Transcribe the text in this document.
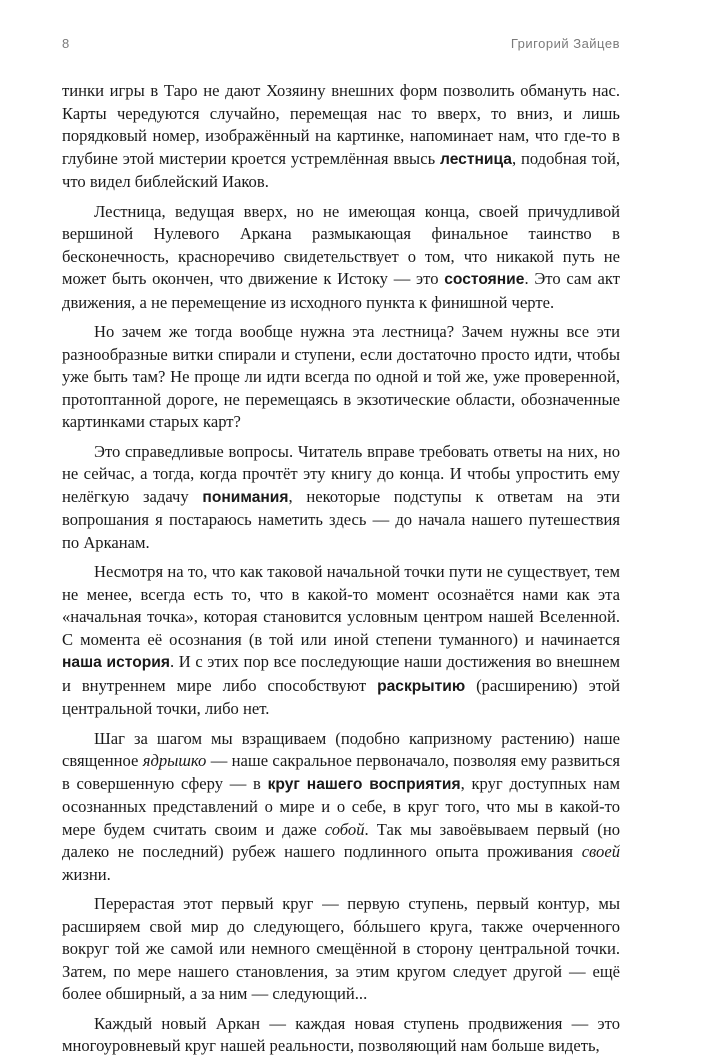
8	Григорий Зайцев

тинки игры в Таро не дают Хозяину внешних форм позволить обмануть нас. Карты чередуются случайно, перемещая нас то вверх, то вниз, и лишь порядковый номер, изображённый на картинке, напоминает нам, что где-то в глубине этой мистерии кроется устремлённая ввысь лестница, подобная той, что видел библейский Иаков.

Лестница, ведущая вверх, но не имеющая конца, своей причудливой вершиной Нулевого Аркана размыкающая финальное таинство в бесконечность, красноречиво свидетельствует о том, что никакой путь не может быть окончен, что движение к Истоку — это состояние. Это сам акт движения, а не перемещение из исходного пункта к финишной черте.

Но зачем же тогда вообще нужна эта лестница? Зачем нужны все эти разнообразные витки спирали и ступени, если достаточно просто идти, чтобы уже быть там? Не проще ли идти всегда по одной и той же, уже проверенной, протоптанной дороге, не перемещаясь в экзотические области, обозначенные картинками старых карт?

Это справедливые вопросы. Читатель вправе требовать ответы на них, но не сейчас, а тогда, когда прочтёт эту книгу до конца. И чтобы упростить ему нелёгкую задачу понимания, некоторые подступы к ответам на эти вопрошания я постараюсь наметить здесь — до начала нашего путешествия по Арканам.

Несмотря на то, что как таковой начальной точки пути не существует, тем не менее, всегда есть то, что в какой-то момент осознаётся нами как эта «начальная точка», которая становится условным центром нашей Вселенной. С момента её осознания (в той или иной степени туманного) и начинается наша история. И с этих пор все последующие наши достижения во внешнем и внутреннем мире либо способствуют раскрытию (расширению) этой центральной точки, либо нет.

Шаг за шагом мы взращиваем (подобно капризному растению) наше священное ядрышко — наше сакральное первоначало, позволяя ему развиться в совершенную сферу — в круг нашего восприятия, круг доступных нам осознанных представлений о мире и о себе, в круг того, что мы в какой-то мере будем считать своим и даже собой. Так мы завоёвываем первый (но далеко не последний) рубеж нашего подлинного опыта проживания своей жизни.

Перерастая этот первый круг — первую ступень, первый контур, мы расширяем свой мир до следующего, бóльшего круга, также очерченного вокруг той же самой или немного смещённой в сторону центральной точки. Затем, по мере нашего становления, за этим кругом следует другой — ещё более обширный, а за ним — следующий...

Каждый новый Аркан — каждая новая ступень продвижения — это многоуровневый круг нашей реальности, позволяющий нам больше видеть,
